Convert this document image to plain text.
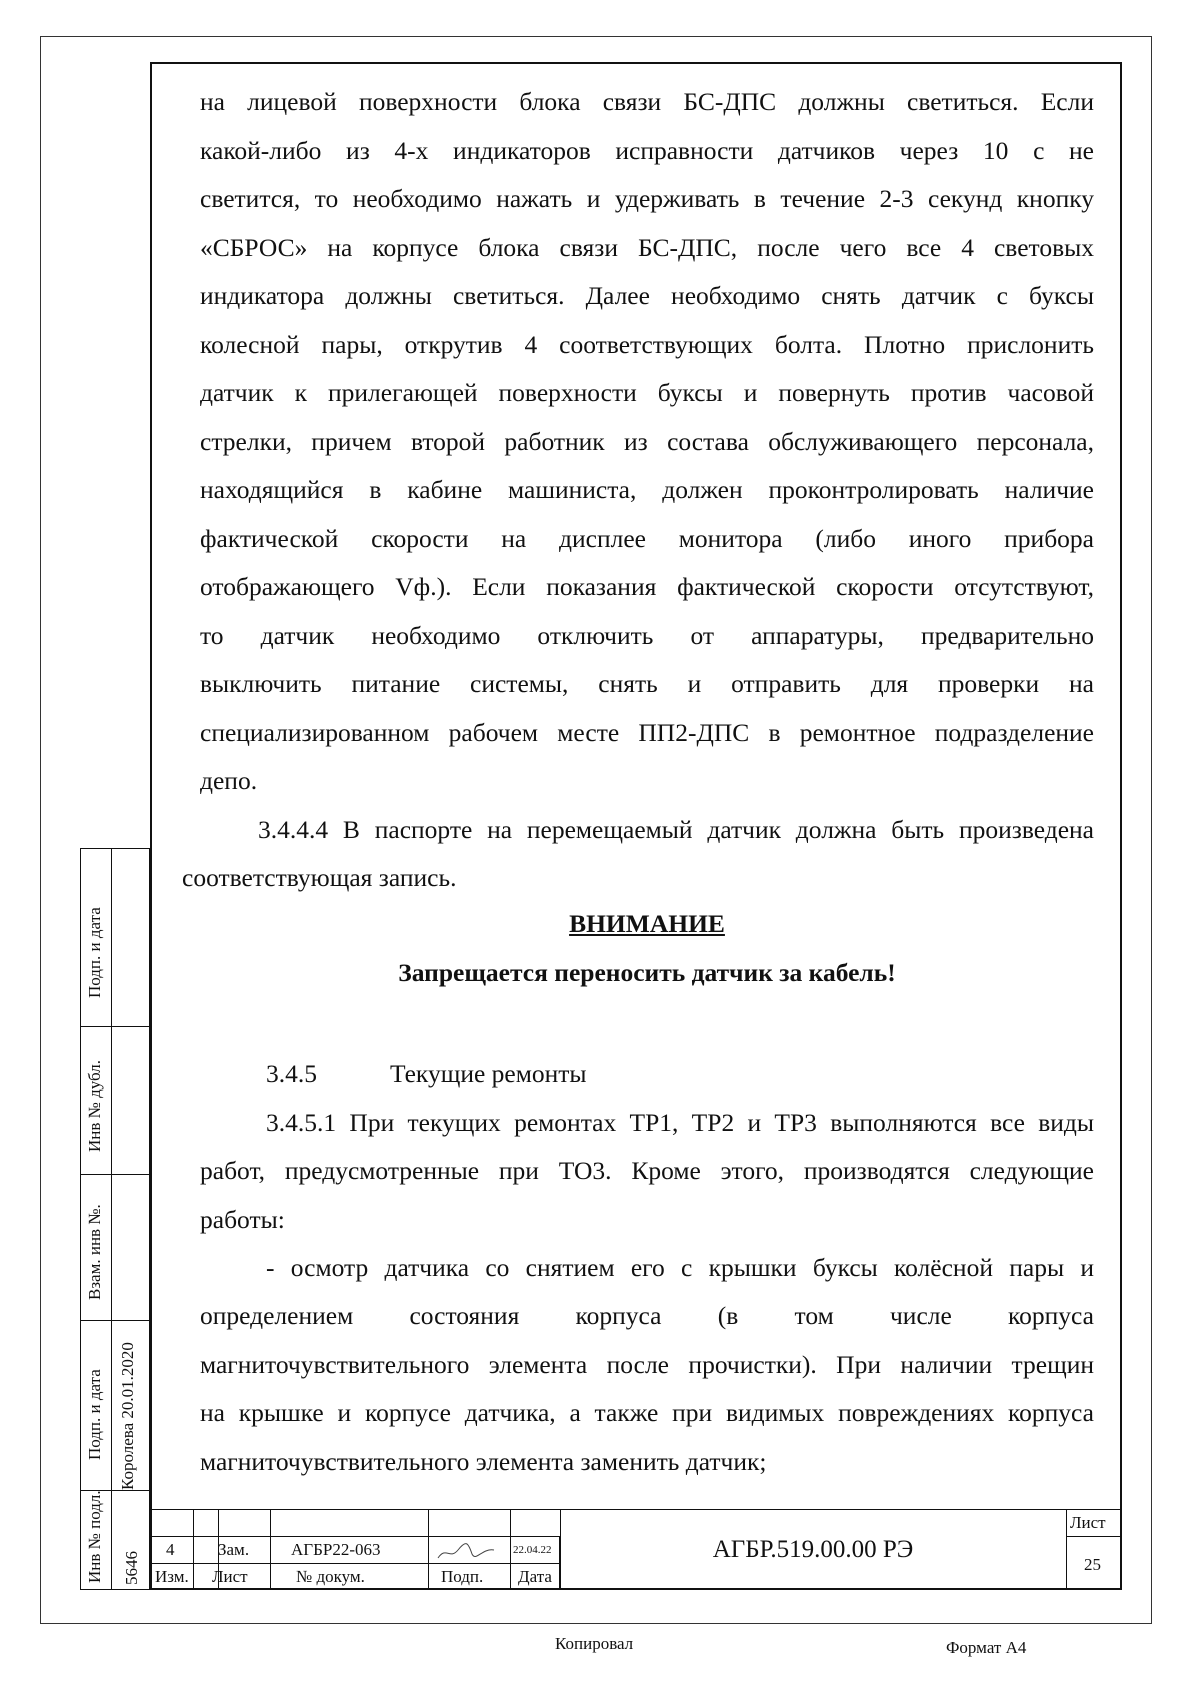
на лицевой поверхности блока связи БС-ДПС должны светиться. Если
какой-либо из 4-х индикаторов исправности датчиков через 10 с не
светится, то необходимо нажать и удерживать в течение 2-3 секунд кнопку
«СБРОС» на корпусе блока связи БС-ДПС, после чего все 4 световых
индикатора должны светиться. Далее необходимо снять датчик с буксы
колесной пары, открутив 4 соответствующих болта. Плотно прислонить
датчик к прилегающей поверхности буксы и повернуть против часовой
стрелки, причем второй работник из состава обслуживающего персонала,
находящийся в кабине машиниста, должен проконтролировать наличие
фактической скорости на дисплее монитора (либо иного прибора
отображающего Vф.). Если показания фактической скорости отсутствуют,
то датчик необходимо отключить от аппаратуры, предварительно
выключить питание системы, снять и отправить для проверки на
специализированном рабочем месте ПП2-ДПС в ремонтное подразделение
депо.
3.4.4.4 В паспорте на перемещаемый датчик должна быть произведена
соответствующая запись.
ВНИМАНИЕ
Запрещается переносить датчик за кабель!
3.4.5	Текущие ремонты
3.4.5.1 При текущих ремонтах ТР1, ТР2 и ТР3 выполняются все виды
работ, предусмотренные при ТО3. Кроме этого, производятся следующие
работы:
- осмотр датчика со снятием его с крышки буксы колёсной пары и
определением состояния корпуса (в том числе корпуса
магниточувствительного элемента после прочистки). При наличии трещин
на крышке и корпусе датчика, а также при видимых повреждениях корпуса
магниточувствительного элемента заменить датчик;
Подп. и дата
Инв № дубл.
Взам. инв №.
Подп. и дата Королева 20.01.2020
Инв № подл. 5646
4	Зам. АГБР22-063	22.04.22
Изм. Лист	№ докум.	Подп. Дата
АГБР.519.00.00 РЭ
Лист
25
Копировал	Формат А4
